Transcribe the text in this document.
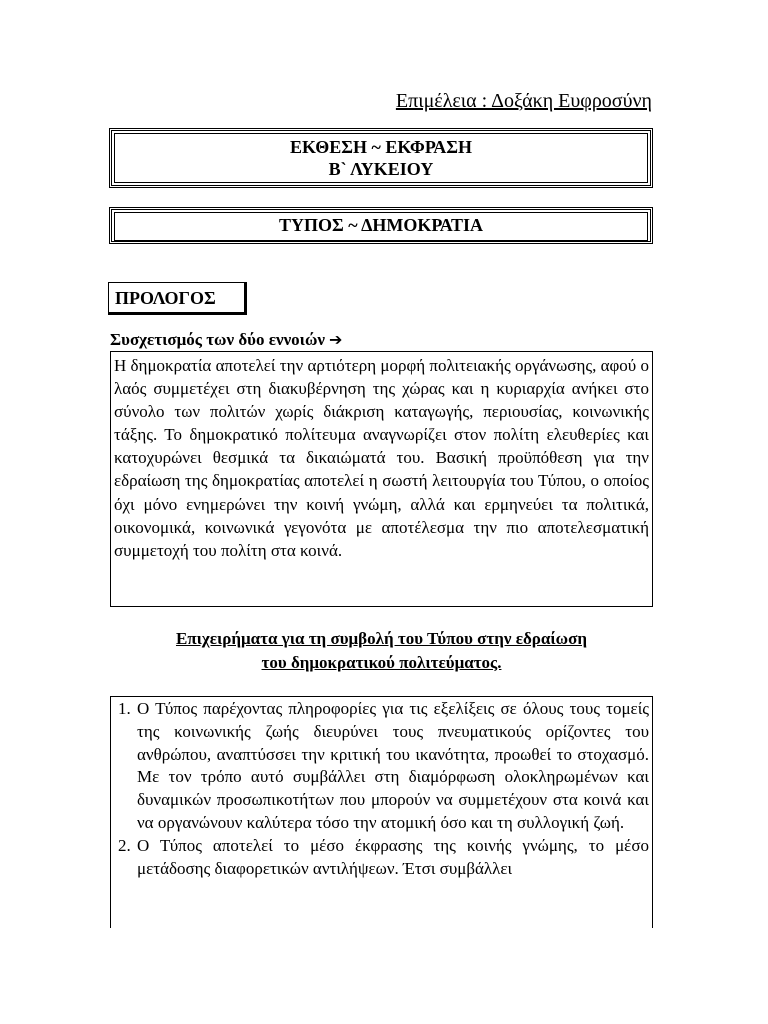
Επιμέλεια : Δοξάκη Ευφροσύνη
ΕΚΘΕΣΗ ~ ΕΚΦΡΑΣΗ
Β` ΛΥΚΕΙΟΥ
ΤΥΠΟΣ ~ ΔΗΜΟΚΡΑΤΙΑ
ΠΡΟΛΟΓΟΣ
Συσχετισμός των δύο εννοιών ➔
Η δημοκρατία αποτελεί την αρτιότερη μορφή πολιτειακής οργάνωσης, αφού ο λαός συμμετέχει στη διακυβέρνηση της χώρας και η κυριαρχία ανήκει στο σύνολο των πολιτών χωρίς διάκριση καταγωγής, περιουσίας, κοινωνικής τάξης. Το δημοκρατικό πολίτευμα αναγνωρίζει στον πολίτη ελευθερίες και κατοχυρώνει θεσμικά τα δικαιώματά του. Βασική προϋπόθεση για την εδραίωση της δημοκρατίας αποτελεί η σωστή λειτουργία του Τύπου, ο οποίος όχι μόνο ενημερώνει την κοινή γνώμη, αλλά και ερμηνεύει τα πολιτικά, οικονομικά, κοινωνικά γεγονότα με αποτέλεσμα την πιο αποτελεσματική συμμετοχή του πολίτη στα κοινά.
Επιχειρήματα για τη συμβολή του Τύπου στην εδραίωση
του δημοκρατικού πολιτεύματος.
1. Ο Τύπος παρέχοντας πληροφορίες για τις εξελίξεις σε όλους τους τομείς της κοινωνικής ζωής διευρύνει τους πνευματικούς ορίζοντες του ανθρώπου, αναπτύσσει την κριτική του ικανότητα, προωθεί το στοχασμό. Με τον τρόπο αυτό συμβάλλει στη διαμόρφωση ολοκληρωμένων και δυναμικών προσωπικοτήτων που μπορούν να συμμετέχουν στα κοινά και να οργανώνουν καλύτερα τόσο την ατομική όσο και τη συλλογική ζωή.
2. Ο Τύπος αποτελεί το μέσο έκφρασης της κοινής γνώμης, το μέσο μετάδοσης διαφορετικών αντιλήψεων. Έτσι συμβάλλει
